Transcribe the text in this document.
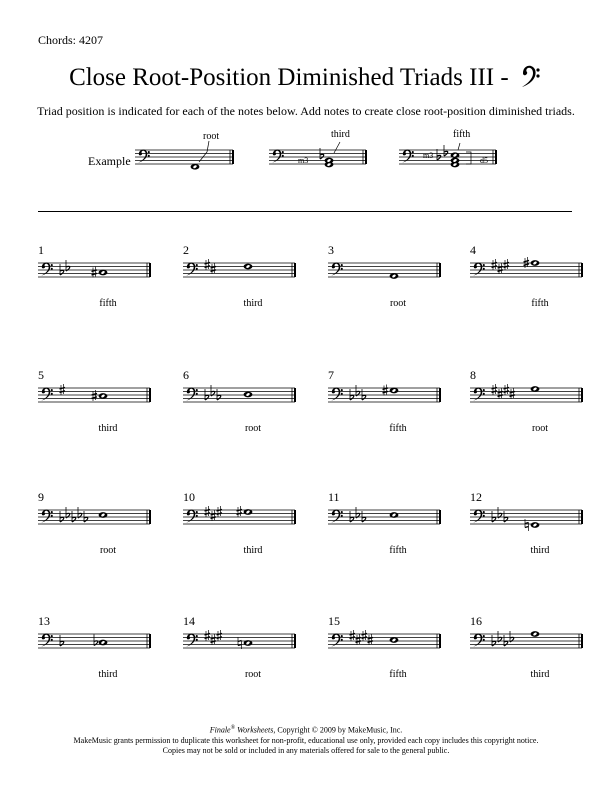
Chords: 4207
Close Root-Position Diminished Triads III -
Triad position is indicated for each of the notes below. Add notes to create close root-position diminished triads.
Example
root	third	fifth
m3
m3
d5
1
fifth
2
third
3
root
4
fifth
5
third
6
root
7
fifth
8
root
9
root
10
third
11
fifth
12
third
13
third
14
root
15
fifth
16
third
Finale® Worksheets, Copyright © 2009 by MakeMusic, Inc.
MakeMusic grants permission to duplicate this worksheet for non-profit, educational use only, provided each copy includes this copyright notice.
Copies may not be sold or included in any materials offered for sale to the general public.
